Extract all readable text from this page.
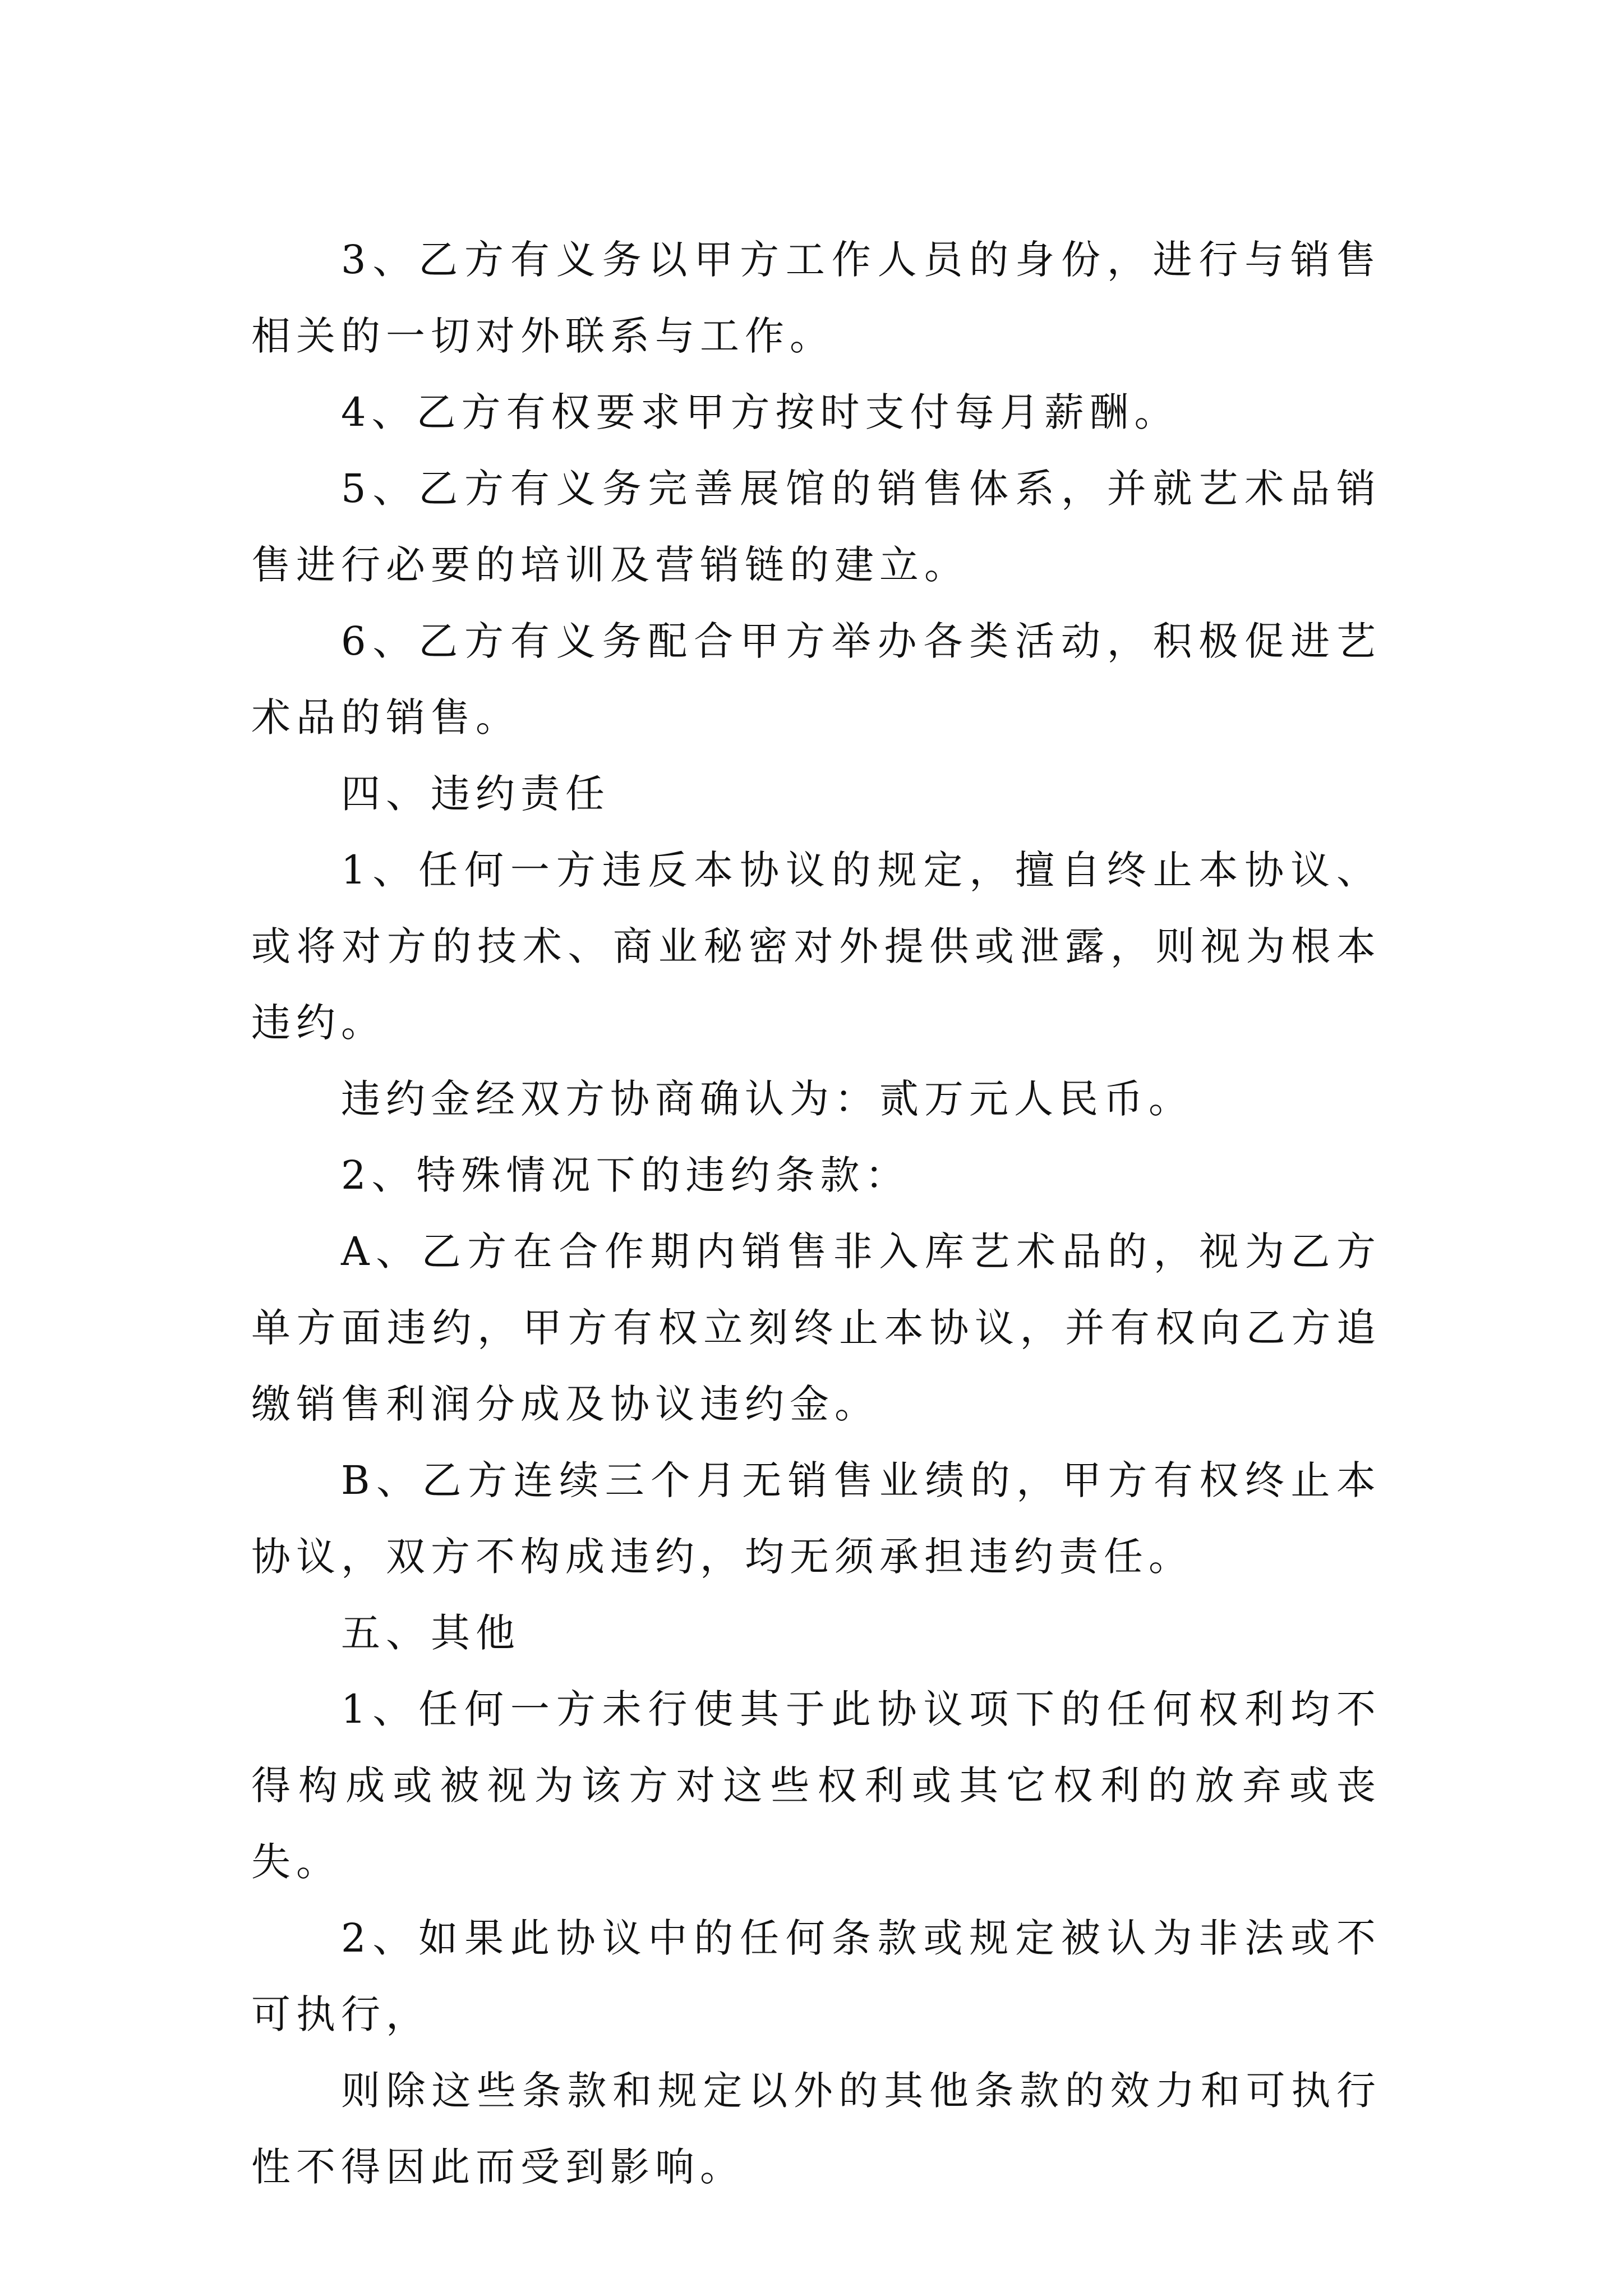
3、乙方有义务以甲方工作人员的身份，进行与销售相关的一切对外联系与工作。

4、乙方有权要求甲方按时支付每月薪酬。

5、乙方有义务完善展馆的销售体系，并就艺术品销售进行必要的培训及营销链的建立。

6、乙方有义务配合甲方举办各类活动，积极促进艺术品的销售。

四、违约责任

1、任何一方违反本协议的规定，擅自终止本协议、或将对方的技术、商业秘密对外提供或泄露，则视为根本违约。

违约金经双方协商确认为：贰万元人民币。

2、特殊情况下的违约条款：

A、乙方在合作期内销售非入库艺术品的，视为乙方单方面违约，甲方有权立刻终止本协议，并有权向乙方追缴销售利润分成及协议违约金。

B、乙方连续三个月无销售业绩的，甲方有权终止本协议，双方不构成违约，均无须承担违约责任。

五、其他

1、任何一方未行使其于此协议项下的任何权利均不得构成或被视为该方对这些权利或其它权利的放弃或丧失。

2、如果此协议中的任何条款或规定被认为非法或不可执行，

则除这些条款和规定以外的其他条款的效力和可执行性不得因此而受到影响。
